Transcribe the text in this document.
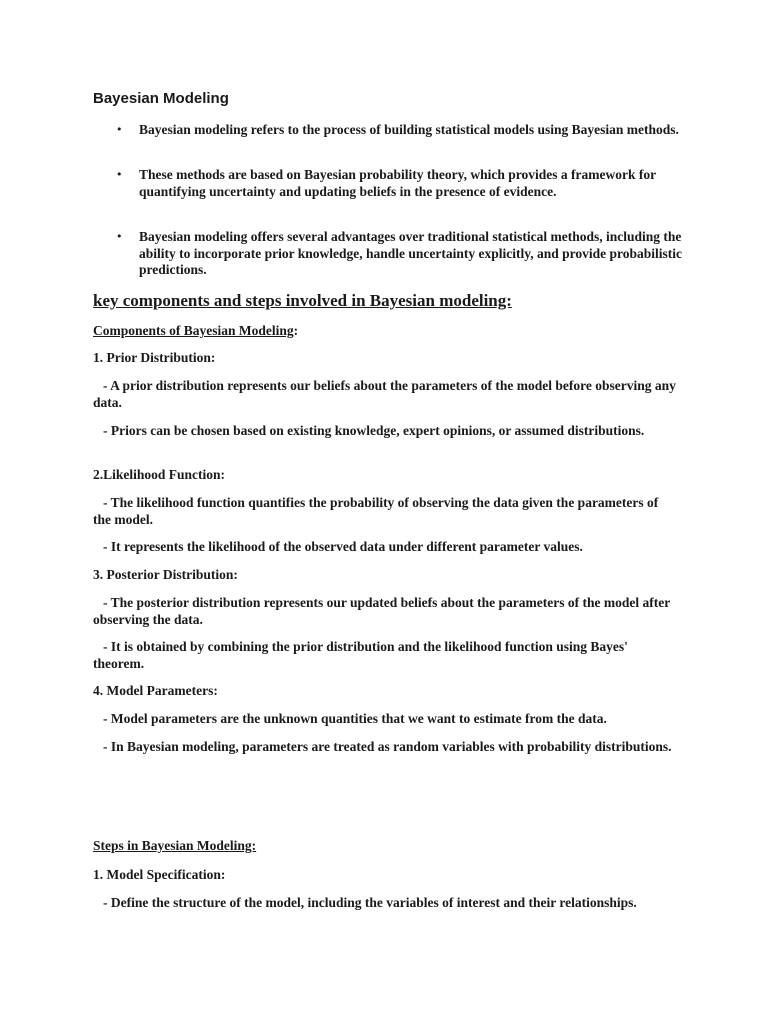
Bayesian Modeling
• Bayesian modeling refers to the process of building statistical models using Bayesian methods.
• These methods are based on Bayesian probability theory, which provides a framework for quantifying uncertainty and updating beliefs in the presence of evidence.
• Bayesian modeling offers several advantages over traditional statistical methods, including the ability to incorporate prior knowledge, handle uncertainty explicitly, and provide probabilistic predictions.
key components and steps involved in Bayesian modeling:
Components of Bayesian Modeling:
1. Prior Distribution:
- A prior distribution represents our beliefs about the parameters of the model before observing any data.
- Priors can be chosen based on existing knowledge, expert opinions, or assumed distributions.
2.Likelihood Function:
- The likelihood function quantifies the probability of observing the data given the parameters of the model.
- It represents the likelihood of the observed data under different parameter values.
3. Posterior Distribution:
- The posterior distribution represents our updated beliefs about the parameters of the model after observing the data.
- It is obtained by combining the prior distribution and the likelihood function using Bayes' theorem.
4. Model Parameters:
- Model parameters are the unknown quantities that we want to estimate from the data.
- In Bayesian modeling, parameters are treated as random variables with probability distributions.
Steps in Bayesian Modeling:
1. Model Specification:
- Define the structure of the model, including the variables of interest and their relationships.
